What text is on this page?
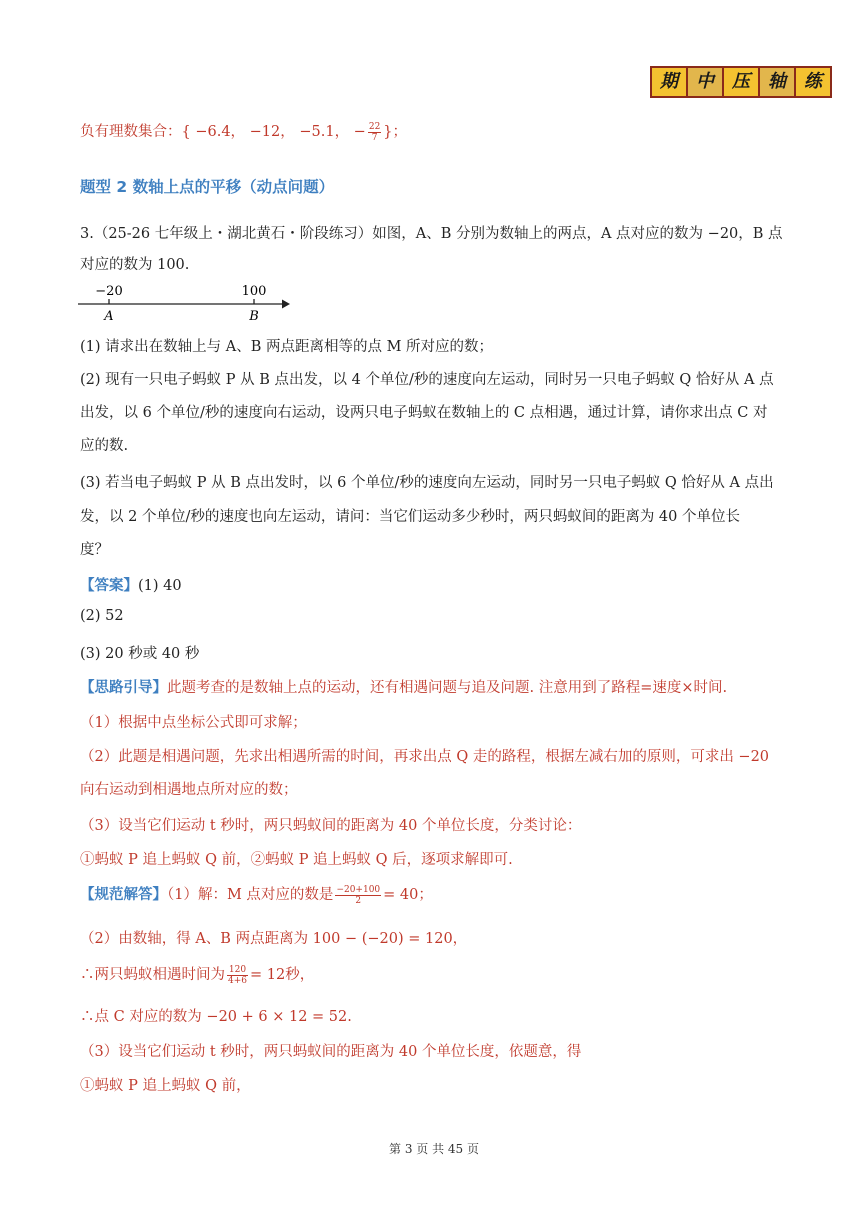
期	中	压	轴	练
负有理数集合：{ −6.4， −12， −5.1， − $\frac{22}{7}$ }；
题型 2 数轴上点的平移（动点问题）
3.（25-26 七年级上・湖北黄石・阶段练习）如图，A、B 分别为数轴上的两点，A 点对应的数为 −20，B 点
对应的数为 100.
−20	100
A	B
(1) 请求出在数轴上与 A、B 两点距离相等的点 M 所对应的数；
(2) 现有一只电子蚂蚁 P 从 B 点出发，以 4 个单位/秒的速度向左运动，同时另一只电子蚂蚁 Q 恰好从 A 点
出发，以 6 个单位/秒的速度向右运动，设两只电子蚂蚁在数轴上的 C 点相遇，通过计算，请你求出点 C 对
应的数.
(3) 若当电子蚂蚁 P 从 B 点出发时，以 6 个单位/秒的速度向左运动，同时另一只电子蚂蚁 Q 恰好从 A 点出
发，以 2 个单位/秒的速度也向左运动，请问：当它们运动多少秒时，两只蚂蚁间的距离为 40 个单位长
度？
【答案】(1) 40
(2) 52
(3) 20 秒或 40 秒
【思路引导】此题考查的是数轴上点的运动，还有相遇问题与追及问题. 注意用到了路程=速度×时间.
（1）根据中点坐标公式即可求解；
（2）此题是相遇问题，先求出相遇所需的时间，再求出点 Q 走的路程，根据左减右加的原则，可求出 −20
向右运动到相遇地点所对应的数；
（3）设当它们运动 t 秒时，两只蚂蚁间的距离为 40 个单位长度，分类讨论：
①蚂蚁 P 追上蚂蚁 Q 前，②蚂蚁 P 追上蚂蚁 Q 后，逐项求解即可.
【规范解答】（1）解：M 点对应的数是 $\frac{-20+100}{2} = 40$；
（2）由数轴，得 A、B 两点距离为 100 − (−20) = 120，
∴两只蚂蚁相遇时间为 $\frac{120}{4+6} = 12$秒，
∴点 C 对应的数为 −20 + 6 × 12 = 52.
（3）设当它们运动 t 秒时，两只蚂蚁间的距离为 40 个单位长度，依题意，得
①蚂蚁 P 追上蚂蚁 Q 前，
第 3 页 共 45 页
